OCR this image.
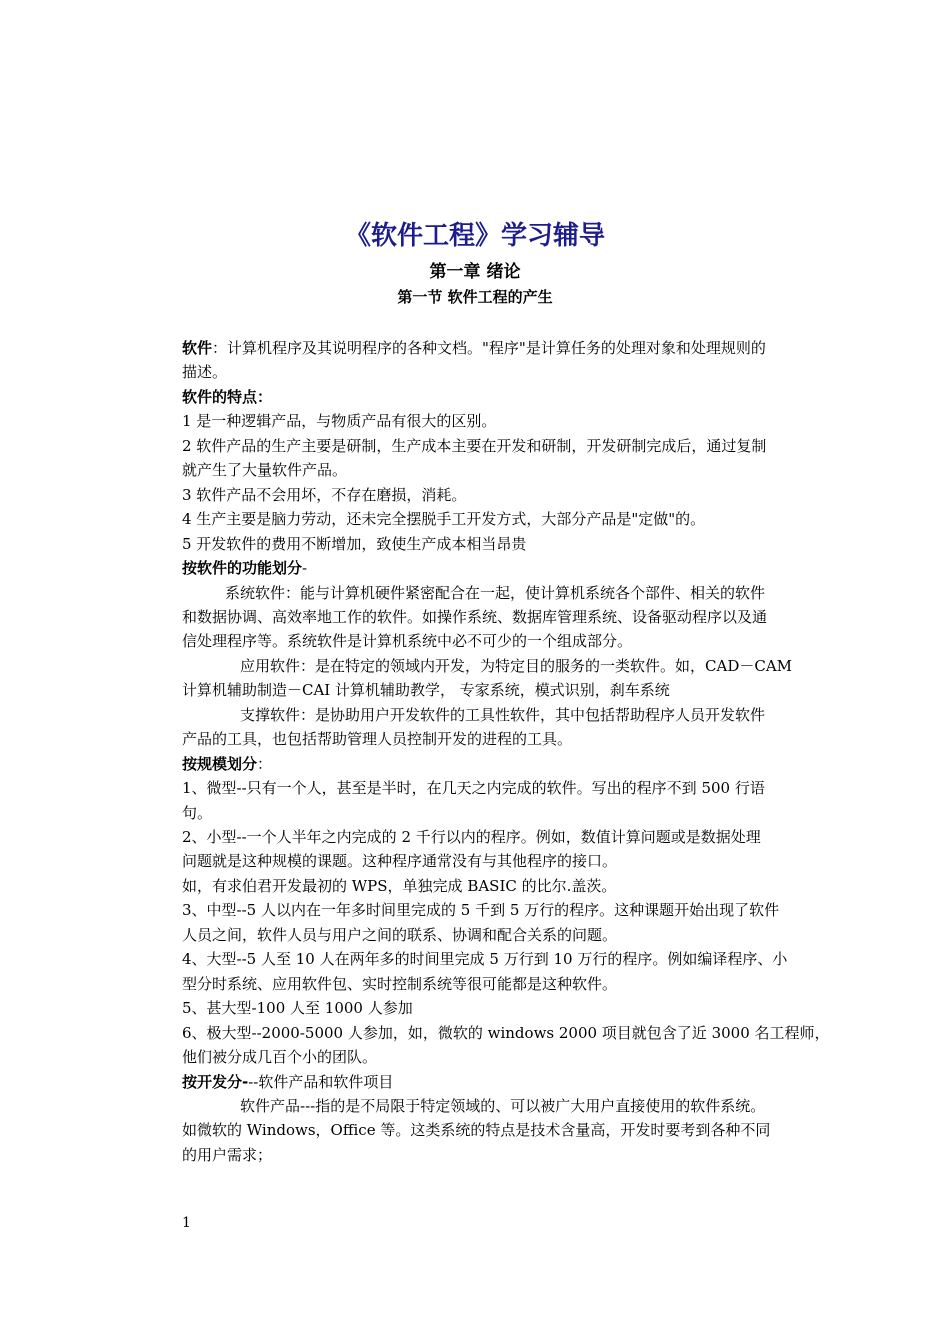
《软件工程》学习辅导
第一章 绪论
第一节 软件工程的产生
软件：计算机程序及其说明程序的各种文档。"程序"是计算任务的处理对象和处理规则的
描述。
软件的特点：
1 是一种逻辑产品，与物质产品有很大的区别。
2 软件产品的生产主要是研制，生产成本主要在开发和研制，开发研制完成后，通过复制
就产生了大量软件产品。
3 软件产品不会用坏，不存在磨损，消耗。
4 生产主要是脑力劳动，还未完全摆脱手工开发方式，大部分产品是"定做"的。
5 开发软件的费用不断增加，致使生产成本相当昂贵
按软件的功能划分-
系统软件：能与计算机硬件紧密配合在一起，使计算机系统各个部件、相关的软件
和数据协调、高效率地工作的软件。如操作系统、数据库管理系统、设备驱动程序以及通
信处理程序等。系统软件是计算机系统中必不可少的一个组成部分。
应用软件：是在特定的领域内开发，为特定目的服务的一类软件。如，CAD－CAM
计算机辅助制造－CAI 计算机辅助教学， 专家系统，模式识别，刹车系统
支撑软件：是协助用户开发软件的工具性软件，其中包括帮助程序人员开发软件
产品的工具，也包括帮助管理人员控制开发的进程的工具。
按规模划分：
1、微型--只有一个人，甚至是半时，在几天之内完成的软件。写出的程序不到 500 行语
句。
2、小型--一个人半年之内完成的 2 千行以内的程序。例如，数值计算问题或是数据处理
问题就是这种规模的课题。这种程序通常没有与其他程序的接口。
如，有求伯君开发最初的 WPS，单独完成 BASIC 的比尔.盖茨。
3、中型--5 人以内在一年多时间里完成的 5 千到 5 万行的程序。这种课题开始出现了软件
人员之间，软件人员与用户之间的联系、协调和配合关系的问题。
4、大型--5 人至 10 人在两年多的时间里完成 5 万行到 10 万行的程序。例如编译程序、小
型分时系统、应用软件包、实时控制系统等很可能都是这种软件。
5、甚大型-100 人至 1000 人参加
6、极大型--2000-5000 人参加，如，微软的 windows 2000 项目就包含了近 3000 名工程师，
他们被分成几百个小的团队。
按开发分---软件产品和软件项目
软件产品---指的是不局限于特定领域的、可以被广大用户直接使用的软件系统。
如微软的 Windows，Office 等。这类系统的特点是技术含量高，开发时要考到各种不同
的用户需求；
1
